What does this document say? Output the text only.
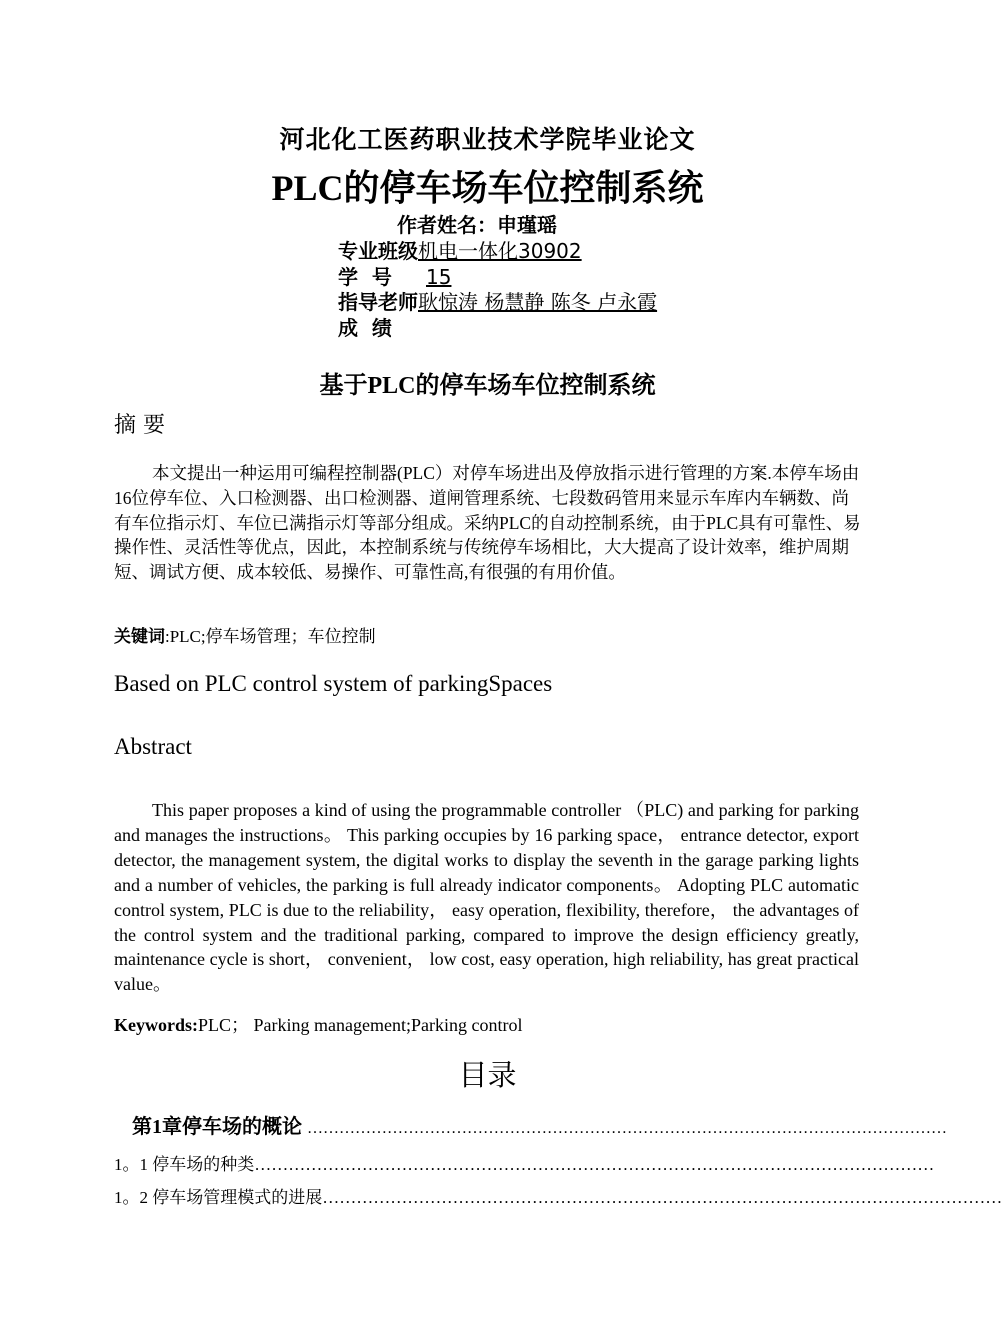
河北化工医药职业技术学院毕业论文
PLC的停车场车位控制系统
作者姓名：申瑾瑶
专业班级机电一体化30902
学  号 15
指导老师耿惊涛 杨慧静 陈冬 卢永霞
成  绩
基于PLC的停车场车位控制系统
摘 要

本文提出一种运用可编程控制器(PLC）对停车场进出及停放指示进行管理的方案.本停车场由16位停车位、入口检测器、出口检测器、道闸管理系统、七段数码管用来显示车库内车辆数、尚有车位指示灯、车位已满指示灯等部分组成。采纳PLC的自动控制系统，由于PLC具有可靠性、易操作性、灵活性等优点，因此，本控制系统与传统停车场相比，大大提高了设计效率，维护周期短、调试方便、成本较低、易操作、可靠性高,有很强的有用价值。

关键词:PLC;停车场管理；车位控制
Based on PLC control system of parkingSpaces
Abstract

This paper proposes a kind of using the programmable controller （PLC) and parking for parking and manages the instructions。 This parking occupies by 16 parking space， entrance detector, export detector, the management system, the digital works to display the seventh in the garage parking lights and a number of vehicles, the parking is full already indicator components。 Adopting PLC automatic control system, PLC is due to the reliability， easy operation, flexibility, therefore， the advantages of the control system and the traditional parking, compared to improve the design efficiency greatly, maintenance cycle is short， convenient， low cost, easy operation, high reliability, has great practical value。

Keywords:PLC； Parking management;Parking control
目录
第1章停车场的概论 …………………………………………………………………………………………………………
1。1 停车场的种类…………………………………………………………………………………………………………
1。2 停车场管理模式的进展…………………………………………………………………………………………………………
